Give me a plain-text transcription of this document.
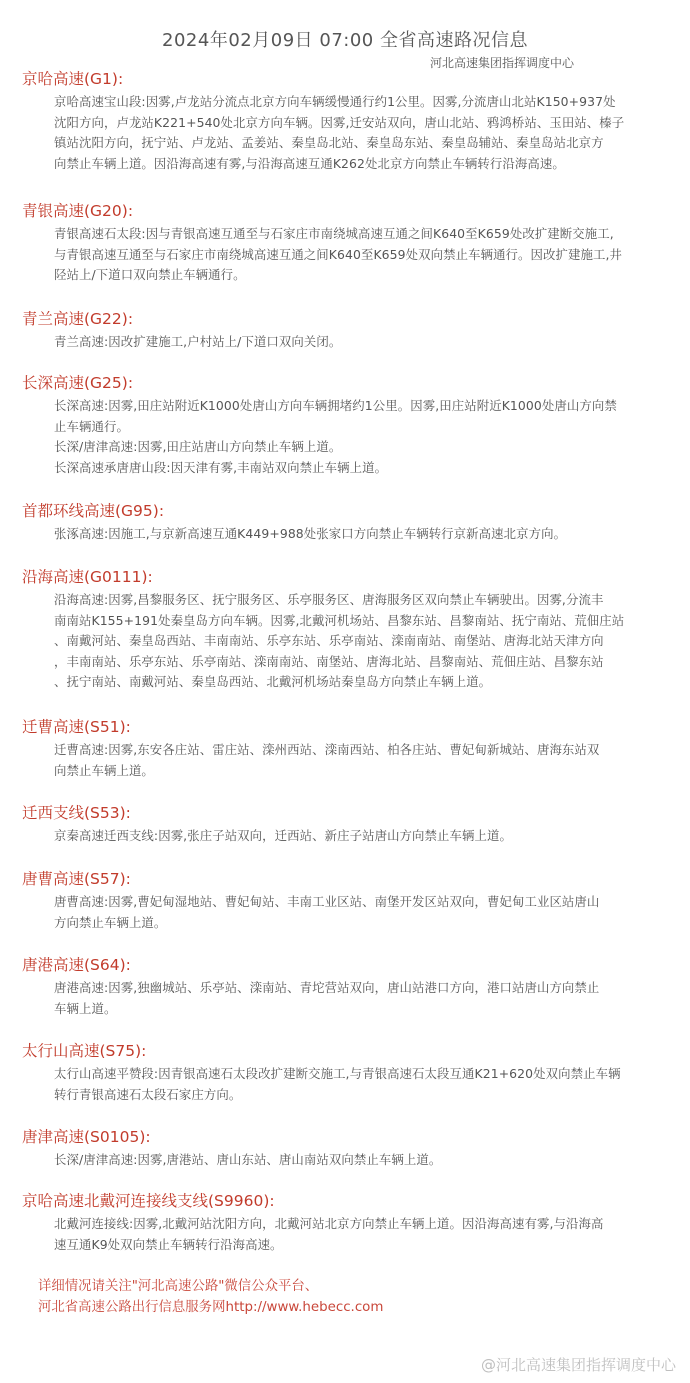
2024年02月09日 07:00 全省高速路况信息
河北高速集团指挥调度中心
京哈高速(G1):

京哈高速宝山段:因雾,卢龙站分流点北京方向车辆缓慢通行约1公里。因雾,分流唐山北站K150+937处

沈阳方向，卢龙站K221+540处北京方向车辆。因雾,迁安站双向，唐山北站、鸦鸿桥站、玉田站、榛子

镇站沈阳方向，抚宁站、卢龙站、孟姜站、秦皇岛北站、秦皇岛东站、秦皇岛辅站、秦皇岛站北京方

向禁止车辆上道。因沿海高速有雾,与沿海高速互通K262处北京方向禁止车辆转行沿海高速。

青银高速(G20):

青银高速石太段:因与青银高速互通至与石家庄市南绕城高速互通之间K640至K659处改扩建断交施工,

与青银高速互通至与石家庄市南绕城高速互通之间K640至K659处双向禁止车辆通行。因改扩建施工,井

陉站上/下道口双向禁止车辆通行。

青兰高速(G22):

青兰高速:因改扩建施工,户村站上/下道口双向关闭。

长深高速(G25):

长深高速:因雾,田庄站附近K1000处唐山方向车辆拥堵约1公里。因雾,田庄站附近K1000处唐山方向禁

止车辆通行。

长深/唐津高速:因雾,田庄站唐山方向禁止车辆上道。

长深高速承唐唐山段:因天津有雾,丰南站双向禁止车辆上道。

首都环线高速(G95):

张涿高速:因施工,与京新高速互通K449+988处张家口方向禁止车辆转行京新高速北京方向。

沿海高速(G0111):

沿海高速:因雾,昌黎服务区、抚宁服务区、乐亭服务区、唐海服务区双向禁止车辆驶出。因雾,分流丰

南南站K155+191处秦皇岛方向车辆。因雾,北戴河机场站、昌黎东站、昌黎南站、抚宁南站、荒佃庄站

、南戴河站、秦皇岛西站、丰南南站、乐亭东站、乐亭南站、滦南南站、南堡站、唐海北站天津方向

，丰南南站、乐亭东站、乐亭南站、滦南南站、南堡站、唐海北站、昌黎南站、荒佃庄站、昌黎东站

、抚宁南站、南戴河站、秦皇岛西站、北戴河机场站秦皇岛方向禁止车辆上道。

迁曹高速(S51):

迁曹高速:因雾,东安各庄站、雷庄站、滦州西站、滦南西站、柏各庄站、曹妃甸新城站、唐海东站双

向禁止车辆上道。

迁西支线(S53):

京秦高速迁西支线:因雾,张庄子站双向，迁西站、新庄子站唐山方向禁止车辆上道。

唐曹高速(S57):

唐曹高速:因雾,曹妃甸湿地站、曹妃甸站、丰南工业区站、南堡开发区站双向，曹妃甸工业区站唐山

方向禁止车辆上道。

唐港高速(S64):

唐港高速:因雾,独幽城站、乐亭站、滦南站、青坨营站双向，唐山站港口方向，港口站唐山方向禁止

车辆上道。

太行山高速(S75):

太行山高速平赞段:因青银高速石太段改扩建断交施工,与青银高速石太段互通K21+620处双向禁止车辆

转行青银高速石太段石家庄方向。

唐津高速(S0105):

长深/唐津高速:因雾,唐港站、唐山东站、唐山南站双向禁止车辆上道。

京哈高速北戴河连接线支线(S9960):

北戴河连接线:因雾,北戴河站沈阳方向，北戴河站北京方向禁止车辆上道。因沿海高速有雾,与沿海高

速互通K9处双向禁止车辆转行沿海高速。

详细情况请关注"河北高速公路"微信公众平台、
河北省高速公路出行信息服务网http://www.hebecc.com
@河北高速集团指挥调度中心
